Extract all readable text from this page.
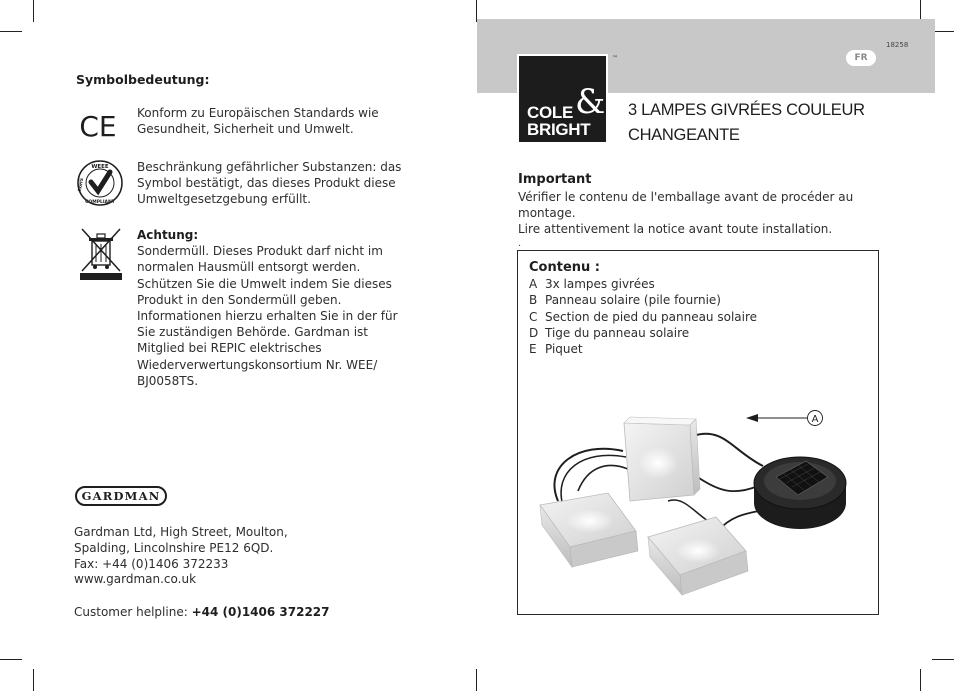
Symbolbedeutung:
CE Konform zu Europäischen Standards wie Gesundheit, Sicherheit und Umwelt.
WEEE
COMPLIANT
RoHS
Beschränkung gefährlicher Substanzen: das Symbol bestätigt, das dieses Produkt diese Umweltgesetzgebung erfüllt.
Achtung:
Sondermüll. Dieses Produkt darf nicht im normalen Hausmüll entsorgt werden. Schützen Sie die Umwelt indem Sie dieses Produkt in den Sondermüll geben. Informationen hierzu erhalten Sie in der für Sie zuständigen Behörde. Gardman ist Mitglied bei REPIC elektrisches Wiederverwertungskonsortium Nr. WEE/ BJ0058TS.
GARDMAN
Gardman Ltd, High Street, Moulton,
Spalding, Lincolnshire PE12 6QD.
Fax: +44 (0)1406 372233
www.gardman.co.uk
Customer helpline: +44 (0)1406 372227
18258
FR
COLE &
BRIGHT
™
3 LAMPES GIVRÉES COULEUR
CHANGEANTE
Important
Vérifier le contenu de l'emballage avant de procéder au
montage.
Lire attentivement la notice avant toute installation.
.
Contenu :
A 3x lampes givrées
B Panneau solaire (pile fournie)
C Section de pied du panneau solaire
D Tige du panneau solaire
E Piquet
A
